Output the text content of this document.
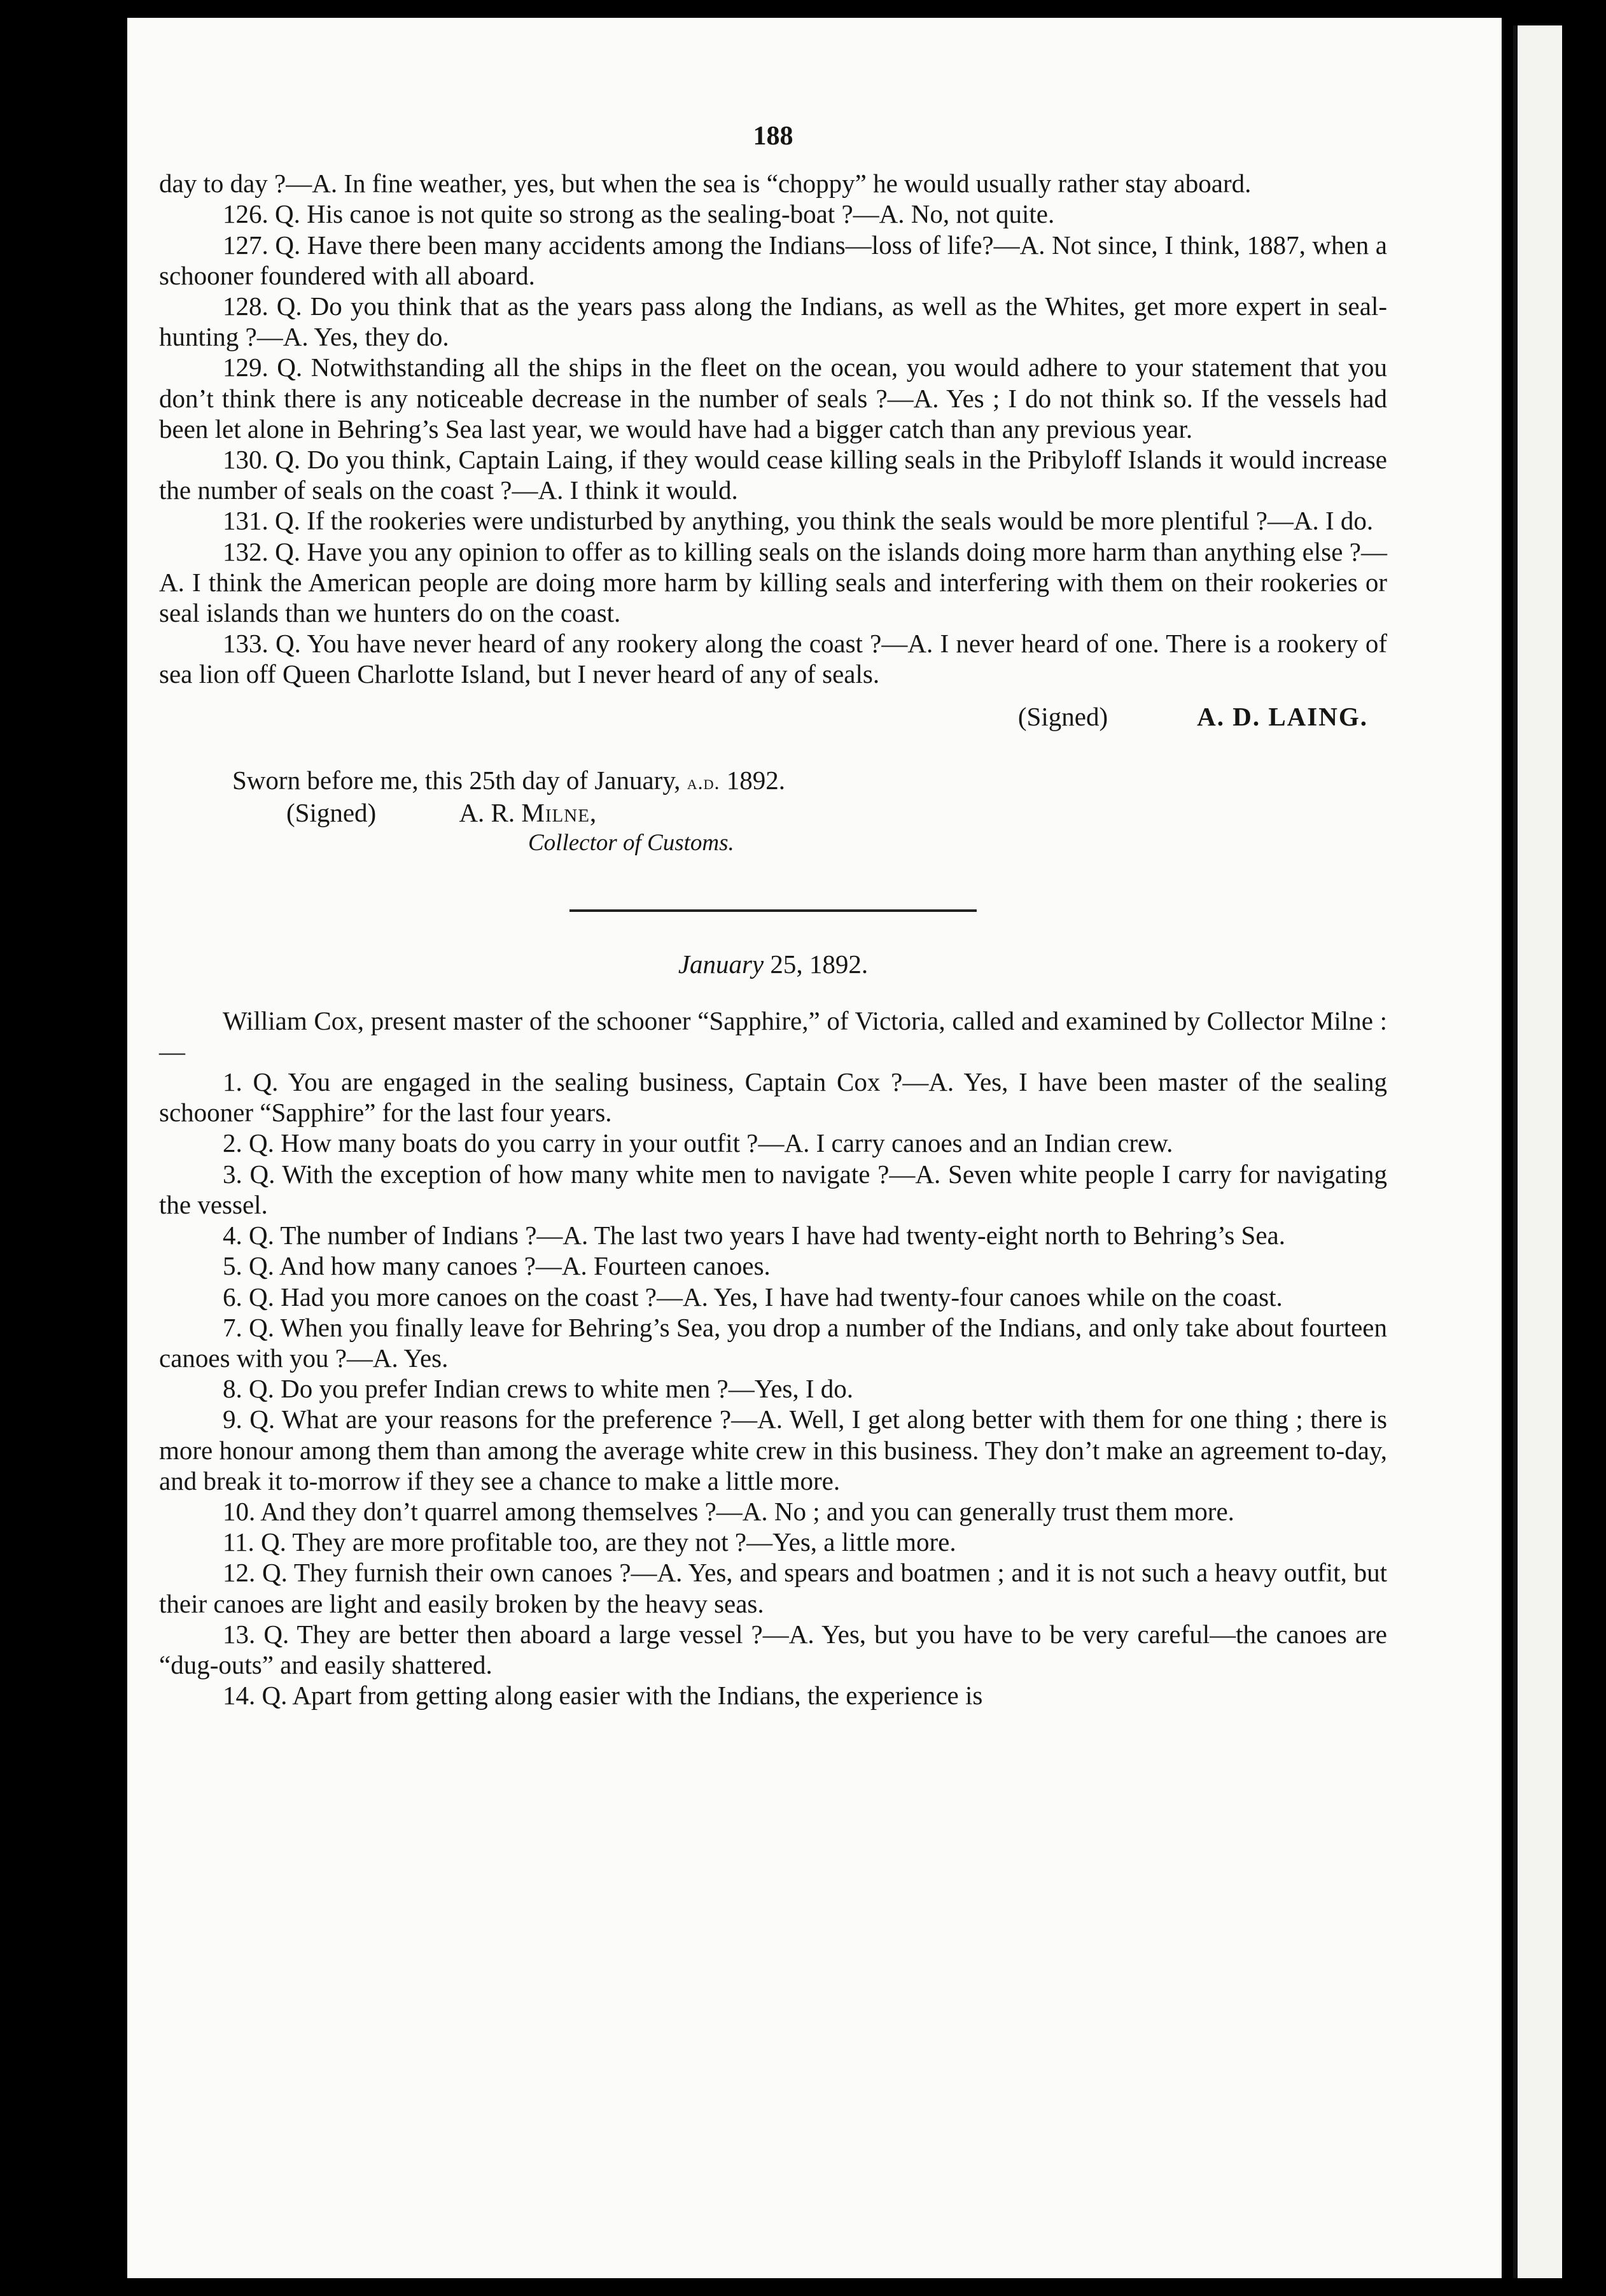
188

day to day ?—A. In fine weather, yes, but when the sea is “choppy” he would usually rather stay aboard.

126. Q. His canoe is not quite so strong as the sealing-boat ?—A. No, not quite.

127. Q. Have there been many accidents among the Indians—loss of life?—A. Not since, I think, 1887, when a schooner foundered with all aboard.

128. Q. Do you think that as the years pass along the Indians, as well as the Whites, get more expert in seal-hunting ?—A. Yes, they do.

129. Q. Notwithstanding all the ships in the fleet on the ocean, you would adhere to your statement that you don’t think there is any noticeable decrease in the number of seals ?—A. Yes ; I do not think so. If the vessels had been let alone in Behring’s Sea last year, we would have had a bigger catch than any previous year.

130. Q. Do you think, Captain Laing, if they would cease killing seals in the Pribyloff Islands it would increase the number of seals on the coast ?—A. I think it would.

131. Q. If the rookeries were undisturbed by anything, you think the seals would be more plentiful ?—A. I do.

132. Q. Have you any opinion to offer as to killing seals on the islands doing more harm than anything else ?—A. I think the American people are doing more harm by killing seals and interfering with them on their rookeries or seal islands than we hunters do on the coast.

133. Q. You have never heard of any rookery along the coast ?—A. I never heard of one. There is a rookery of sea lion off Queen Charlotte Island, but I never heard of any of seals.

(Signed)	A. D. LAING.

Sworn before me, this 25th day of January, a.d. 1892.

(Signed)	A. R. Milne,

Collector of Customs.

January 25, 1892.

William Cox, present master of the schooner “Sapphire,” of Victoria, called and examined by Collector Milne :—

1. Q. You are engaged in the sealing business, Captain Cox ?—A. Yes, I have been master of the sealing schooner “Sapphire” for the last four years.

2. Q. How many boats do you carry in your outfit ?—A. I carry canoes and an Indian crew.

3. Q. With the exception of how many white men to navigate ?—A. Seven white people I carry for navigating the vessel.

4. Q. The number of Indians ?—A. The last two years I have had twenty-eight north to Behring’s Sea.

5. Q. And how many canoes ?—A. Fourteen canoes.

6. Q. Had you more canoes on the coast ?—A. Yes, I have had twenty-four canoes while on the coast.

7. Q. When you finally leave for Behring’s Sea, you drop a number of the Indians, and only take about fourteen canoes with you ?—A. Yes.

8. Q. Do you prefer Indian crews to white men ?—Yes, I do.

9. Q. What are your reasons for the preference ?—A. Well, I get along better with them for one thing ; there is more honour among them than among the average white crew in this business. They don’t make an agreement to-day, and break it to-morrow if they see a chance to make a little more.

10. And they don’t quarrel among themselves ?—A. No ; and you can generally trust them more.

11. Q. They are more profitable too, are they not ?—Yes, a little more.

12. Q. They furnish their own canoes ?—A. Yes, and spears and boatmen ; and it is not such a heavy outfit, but their canoes are light and easily broken by the heavy seas.

13. Q. They are better then aboard a large vessel ?—A. Yes, but you have to be very careful—the canoes are “dug-outs” and easily shattered.

14. Q. Apart from getting along easier with the Indians, the experience is
